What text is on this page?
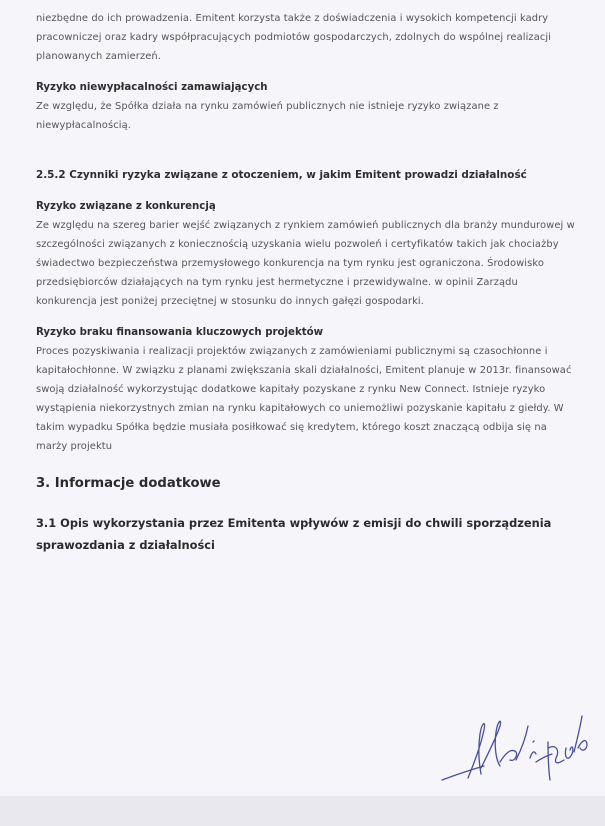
niezbędne do ich prowadzenia. Emitent korzysta także z doświadczenia i wysokich kompetencji kadry pracowniczej oraz kadry współpracujących podmiotów gospodarczych, zdolnych do wspólnej realizacji planowanych zamierzeń.

Ryzyko niewypłacalności zamawiających

Ze względu, że Spółka działa na rynku zamówień publicznych nie istnieje ryzyko związane z niewypłacalnością.

2.5.2 Czynniki ryzyka związane z otoczeniem, w jakim Emitent prowadzi działalność

Ryzyko związane z konkurencją

Ze względu na szereg barier wejść związanych z rynkiem zamówień publicznych dla branży mundurowej w szczególności związanych z koniecznością uzyskania wielu pozwoleń i certyfikatów takich jak chociażby świadectwo bezpieczeństwa przemysłowego konkurencja na tym rynku jest ograniczona. Środowisko przedsiębiorców działających na tym rynku jest hermetyczne i przewidywalne. w opinii Zarządu konkurencja jest poniżej przeciętnej w stosunku do innych gałęzi gospodarki.

Ryzyko braku finansowania kluczowych projektów

Proces pozyskiwania i realizacji projektów związanych z zamówieniami publicznymi są czasochłonne i kapitałochłonne. W związku z planami zwiększania skali działalności, Emitent planuje w 2013r. finansować swoją działalność wykorzystując dodatkowe kapitały pozyskane z rynku New Connect. Istnieje ryzyko wystąpienia niekorzystnych zmian na rynku kapitałowych co uniemożliwi pozyskanie kapitału z giełdy. W takim wypadku Spółka będzie musiała posiłkować się kredytem, którego koszt znaczącą odbija się na marży projektu

3. Informacje dodatkowe

3.1 Opis wykorzystania przez Emitenta wpływów z emisji do chwili sporządzenia sprawozdania z działalności
